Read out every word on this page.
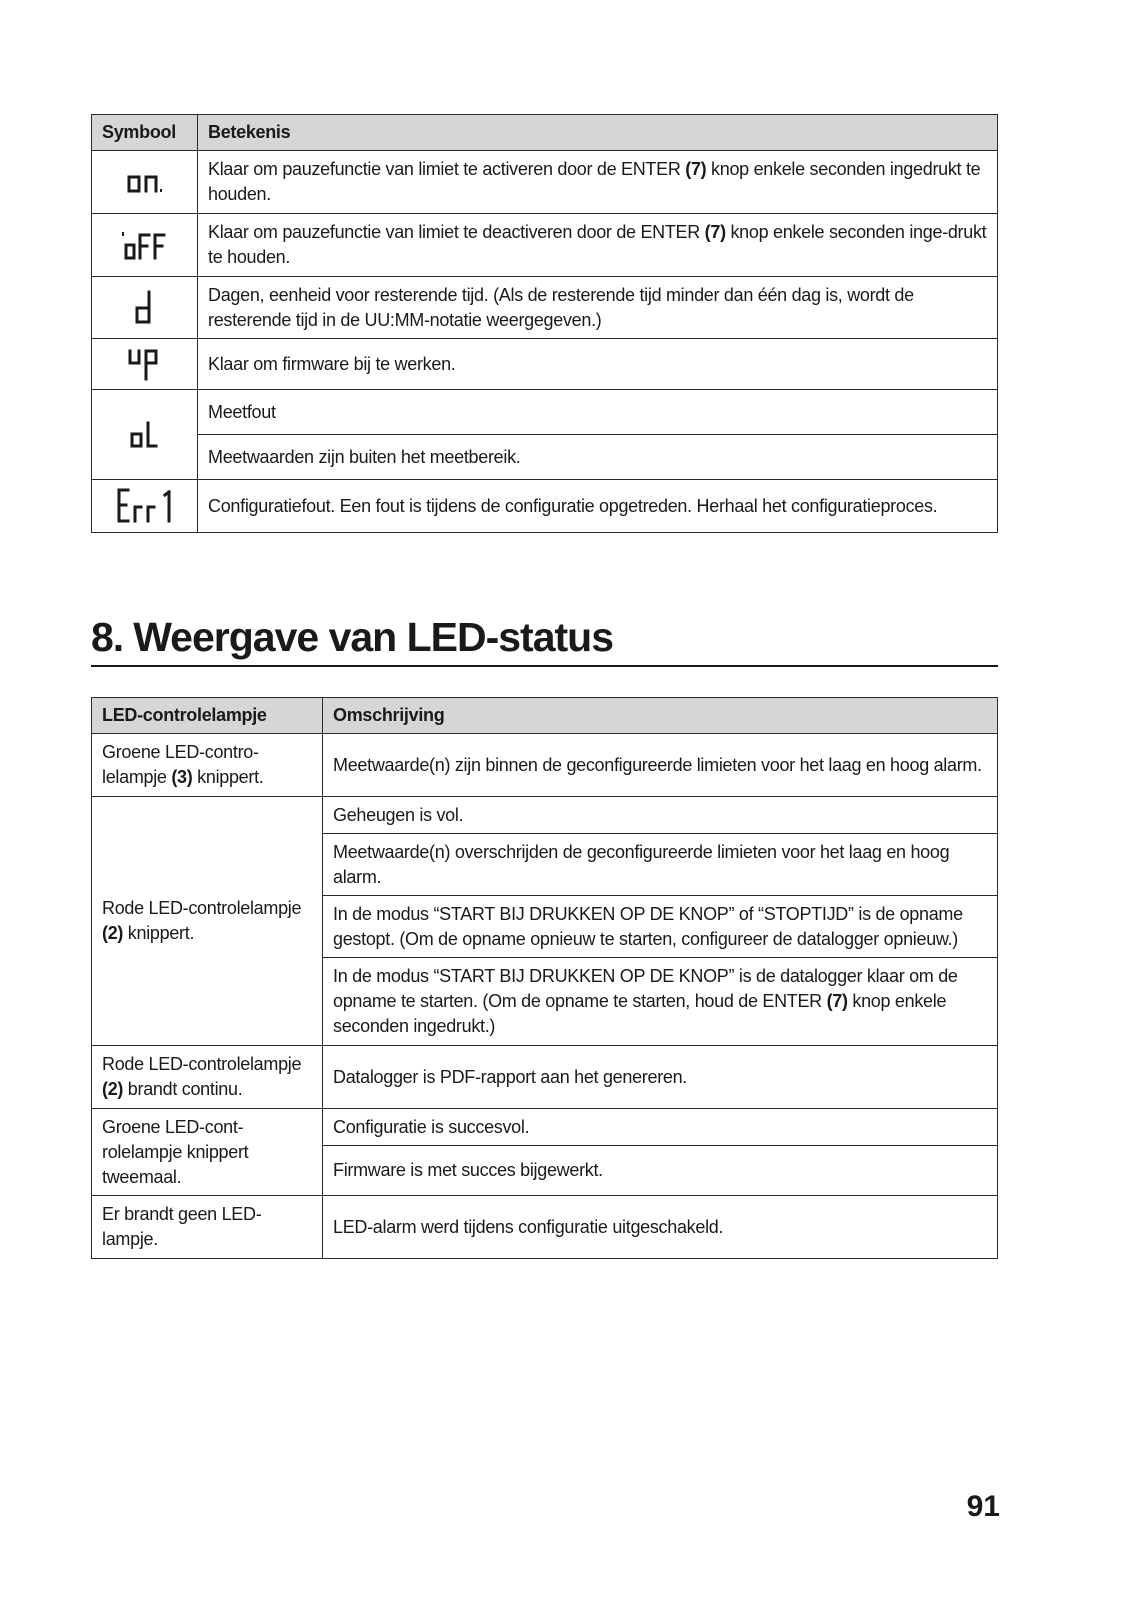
Symbool	Betekenis

	Klaar om pauzefunctie van limiet te activeren door de ENTER (7) knop enkele seconden ingedrukt te houden.

	Klaar om pauzefunctie van limiet te deactiveren door de ENTER (7) knop enkele seconden inge-drukt te houden.

	Dagen, eenheid voor resterende tijd. (Als de resterende tijd minder dan één dag is, wordt de resterende tijd in de UU:MM-notatie weergegeven.)

	Klaar om firmware bij te werken.

	Meetfout
	Meetwaarden zijn buiten het meetbereik.

	Configuratiefout. Een fout is tijdens de configuratie opgetreden. Herhaal het configuratieproces.
8. Weergave van LED-status
LED-controlelampje	Omschrijving
Groene LED-contro-lelampje (3) knippert.	Meetwaarde(n) zijn binnen de geconfigureerde limieten voor het laag en hoog alarm.
Rode LED-controlelampje (2) knippert.	Geheugen is vol.
	Meetwaarde(n) overschrijden de geconfigureerde limieten voor het laag en hoog alarm.
	In de modus “START BIJ DRUKKEN OP DE KNOP” of “STOPTIJD” is de opname gestopt. (Om de opname opnieuw te starten, configureer de datalogger opnieuw.)
	In de modus “START BIJ DRUKKEN OP DE KNOP” is de datalogger klaar om de opname te starten. (Om de opname te starten, houd de ENTER (7) knop enkele seconden ingedrukt.)
Rode LED-controlelampje (2) brandt continu.	Datalogger is PDF-rapport aan het genereren.
Groene LED-cont-rolelampje knippert tweemaal.	Configuratie is succesvol.
	Firmware is met succes bijgewerkt.
Er brandt geen LED-lampje.	LED-alarm werd tijdens configuratie uitgeschakeld.
91
